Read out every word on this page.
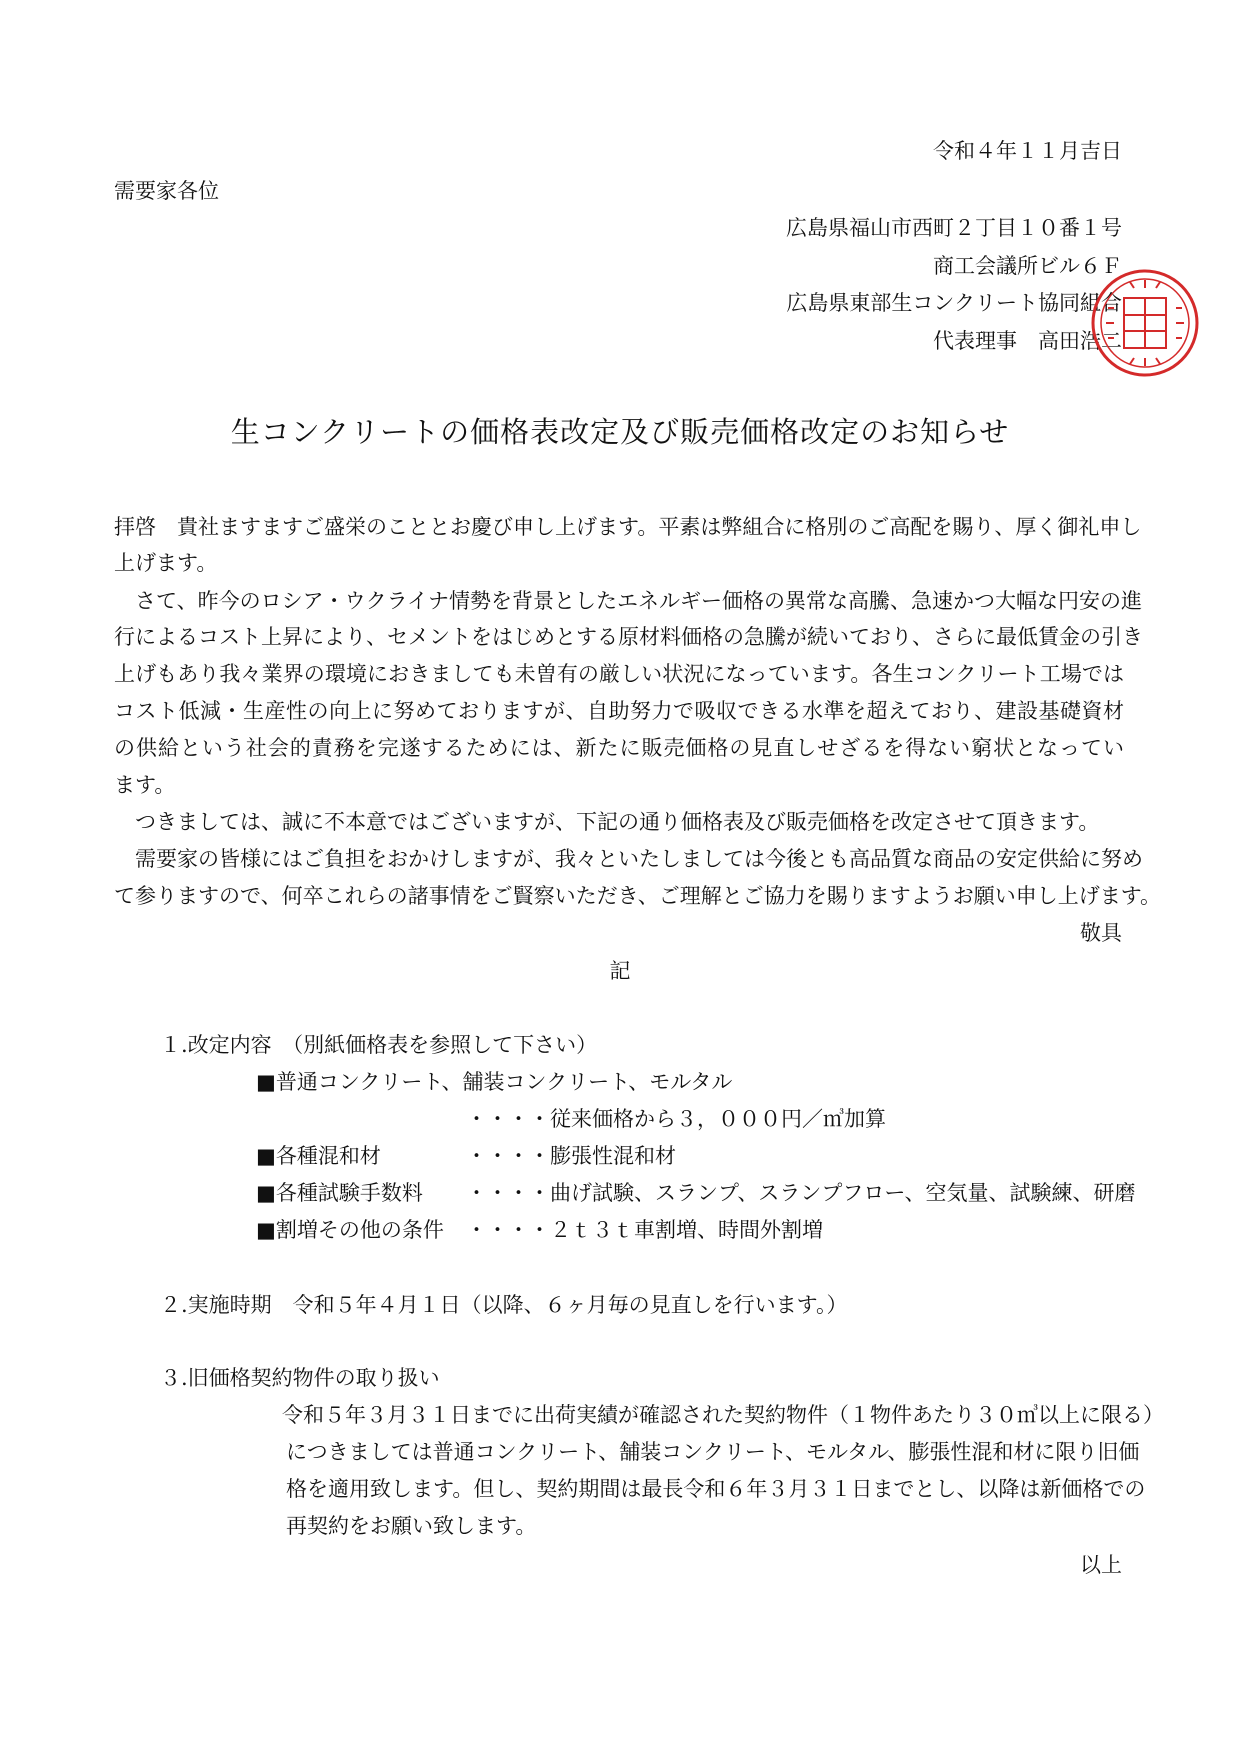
令和４年１１月吉日
需要家各位
広島県福山市西町２丁目１０番１号
商工会議所ビル６Ｆ
広島県東部生コンクリート協同組合
代表理事　高田浩二
生コンクリートの価格表改定及び販売価格改定のお知らせ
拝啓　貴社ますますご盛栄のこととお慶び申し上げます。平素は弊組合に格別のご高配を賜り、厚く御礼申し
上げます。
　さて、昨今のロシア・ウクライナ情勢を背景としたエネルギー価格の異常な高騰、急速かつ大幅な円安の進
行によるコスト上昇により、セメントをはじめとする原材料価格の急騰が続いており、さらに最低賃金の引き
上げもあり我々業界の環境におきましても未曽有の厳しい状況になっています。各生コンクリート工場では
コスト低減・生産性の向上に努めておりますが、自助努力で吸収できる水準を超えており、建設基礎資材
の供給という社会的責務を完遂するためには、新たに販売価格の見直しせざるを得ない窮状となってい
ます。
　つきましては、誠に不本意ではございますが、下記の通り価格表及び販売価格を改定させて頂きます。
　需要家の皆様にはご負担をおかけしますが、我々といたしましては今後とも高品質な商品の安定供給に努め
て参りますので、何卒これらの諸事情をご賢察いただき、ご理解とご協力を賜りますようお願い申し上げます。
敬具
記
１.改定内容　（別紙価格表を参照して下さい）
■普通コンクリート、舗装コンクリート、モルタル
・・・・従来価格から３，０００円／㎥加算
■各種混和材	・・・・膨張性混和材
■各種試験手数料 ・・・・曲げ試験、スランプ、スランプフロー、空気量、試験練、研磨
■割増その他の条件 ・・・・２ｔ３ｔ車割増、時間外割増
２.実施時期　令和５年４月１日（以降、６ヶ月毎の見直しを行います。）
３.旧価格契約物件の取り扱い
令和５年３月３１日までに出荷実績が確認された契約物件（１物件あたり３０㎥以上に限る）
につきましては普通コンクリート、舗装コンクリート、モルタル、膨張性混和材に限り旧価
格を適用致します。但し、契約期間は最長令和６年３月３１日までとし、以降は新価格での
再契約をお願い致します。
以上
